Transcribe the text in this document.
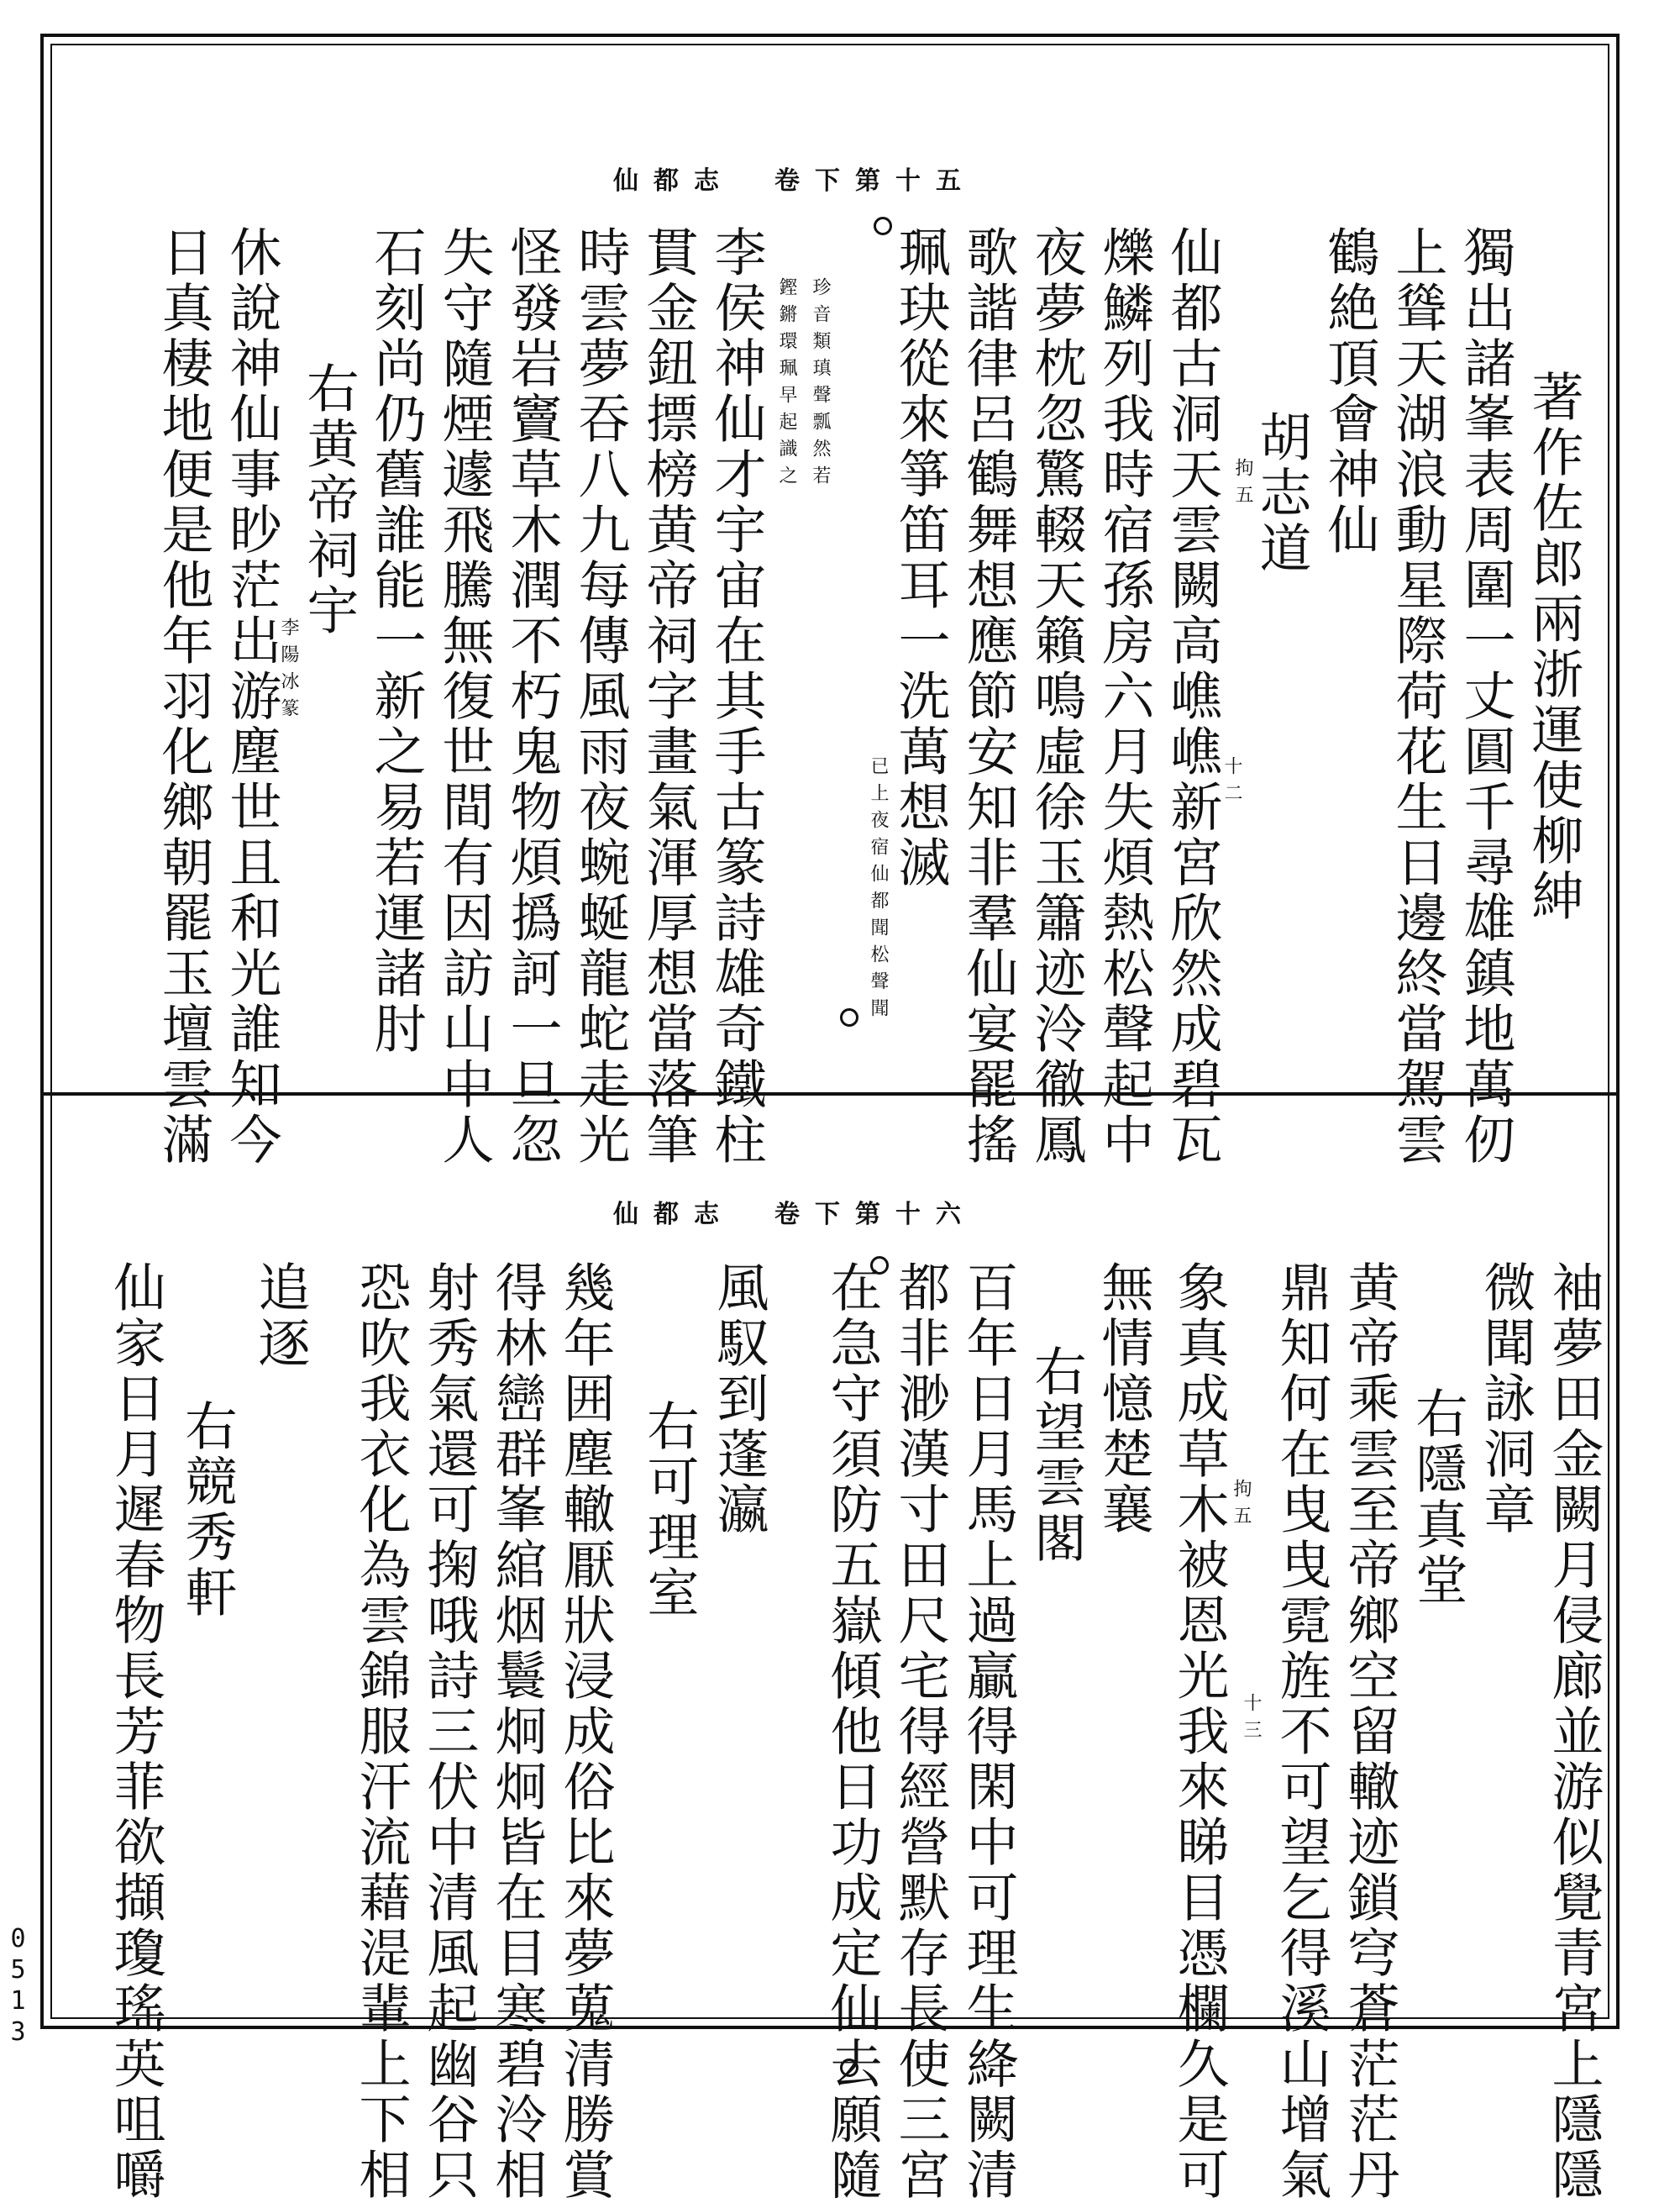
仙都志　卷下第十五
著作佐郎兩浙運使柳紳
獨出諸峯表周圍一丈圓千尋雄鎮地萬仞
上聳天湖浪動星際荷花生日邊終當駕雲
鶴絶頂會神仙
胡志道
拘五
仙都古洞天雲闕高嶕嶕新宮欣然成碧瓦
十二
爍鱗列我時宿孫房六月失煩熱松聲起中
夜夢枕忽驚輟天籟鳴虛徐玉簫迹泠徹鳳
歌諧律呂鶴舞想應節安知非羣仙宴罷搖
珮玦從來箏笛耳一洗萬想滅
已上夜宿仙都聞松聲聞
珍音類瑱聲瓢然若
鏗鏘環珮早起識之
李侯神仙才宇宙在其手古篆詩雄奇鐵柱
貫金鈕摽榜黄帝祠字畫氣渾厚想當落筆
時雲夢吞八九每傳風雨夜蜿蜒龍蛇走光
怪發岩竇草木潤不朽鬼物煩撝訶一旦忽
失守隨煙遽飛騰無復世間有因訪山中人
石刻尚仍舊誰能一新之易若運諸肘
右黄帝祠宇
李陽冰篆
休說神仙事眇茫出游塵世且和光誰知今
日真棲地便是他年羽化鄉朝罷玉壇雲滿
仙都志　卷下第十六
袖夢田金闕月侵廊並游似覺青宮上隱隱
微聞詠洞章
右隱真堂
黄帝乘雲至帝鄉空留轍迹鎖穹蒼茫茫丹
鼎知何在曳曳霓旌不可望乞得溪山增氣
十三
象真成草木被恩光我來睇目憑欄久是可 拘五
無情憶楚襄
右望雲閣
百年日月馬上過贏得閑中可理生絳闕清
都非渺漢寸田尺宅得經營默存長使三宮
在急守須防五嶽傾他日功成定仙去願隨
風馭到蓬瀛
右可理室
幾年囲塵轍厭狀浸成俗比來夢蒐清勝賞
得林巒群峯綰烟鬟炯炯皆在目寒碧泠相
射秀氣還可掬哦詩三伏中清風起幽谷只
恐吹我衣化為雲錦服汗流藉湜輩上下相
追逐
右競秀軒
仙家日月遲春物長芳菲欲擷瓊瑤英咀嚼
0513
